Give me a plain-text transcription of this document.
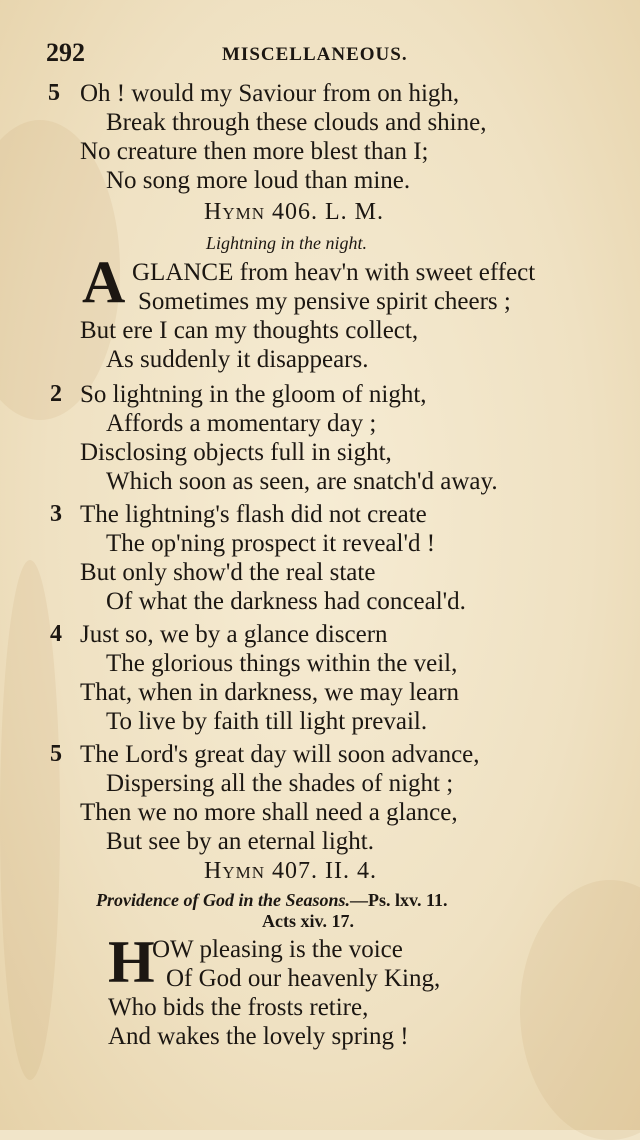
292	MISCELLANEOUS.
5 Oh ! would my Saviour from on high,
Break through these clouds and shine,
No creature then more blest than I;
No song more loud than mine.
HYMN 406. L. M.
Lightning in the night.
A GLANCE from heav'n with sweet effect
Sometimes my pensive spirit cheers ;
But ere I can my thoughts collect,
As suddenly it disappears.
2 So lightning in the gloom of night,
Affords a momentary day ;
Disclosing objects full in sight,
Which soon as seen, are snatch'd away.
3 The lightning's flash did not create
The op'ning prospect it reveal'd !
But only show'd the real state
Of what the darkness had conceal'd.
4 Just so, we by a glance discern
The glorious things within the veil,
That, when in darkness, we may learn
To live by faith till light prevail.
5 The Lord's great day will soon advance,
Dispersing all the shades of night ;
Then we no more shall need a glance,
But see by an eternal light.
HYMN 407. II. 4.
Providence of God in the Seasons.—Ps. lxv. 11.
Acts xiv. 17.
H
OW pleasing is the voice
Of God our heavenly King,
Who bids the frosts retire,
And wakes the lovely spring !
